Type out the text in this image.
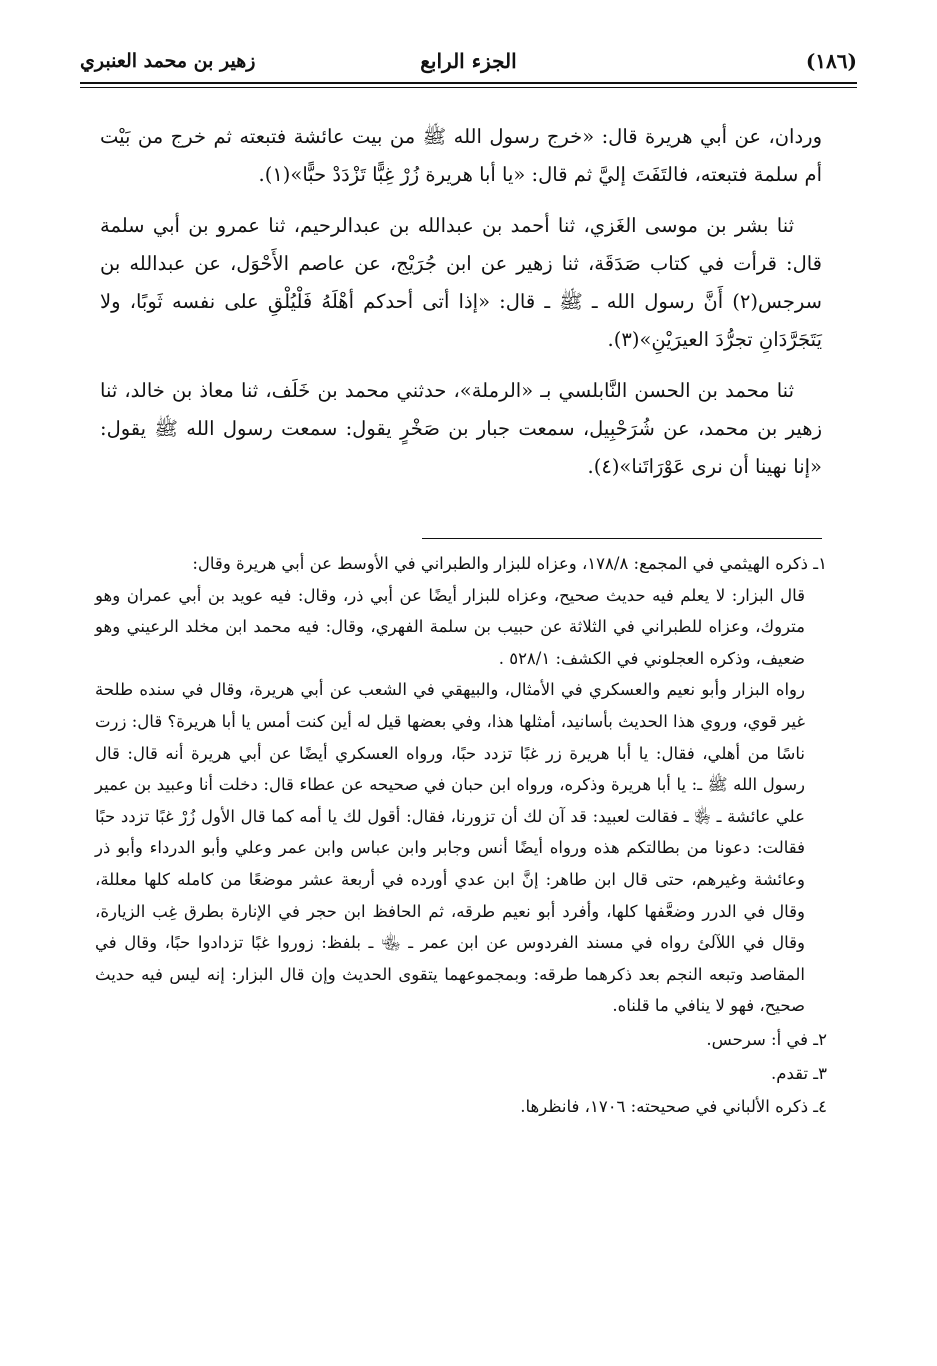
زهير بن محمد العنبري	الجزء الرابع	(١٨٦)

وردان، عن أبي هريرة قال: «خرج رسول الله ﷺ من بيت عائشة فتبعته ثم خرج من بَيْت أم سلمة فتبعته، فالتَفَتَ إليَّ ثم قال: «يا أبا هريرة زُرْ غِبًّا تَزْدَدْ حبًّا»(١).

ثنا بشر بن موسى الغَزي، ثنا أحمد بن عبدالله بن عبدالرحيم، ثنا عمرو بن أبي سلمة قال: قرأت في كتاب صَدَقَة، ثنا زهير عن ابن جُرَيْج، عن عاصم الأَحْوَل، عن عبدالله بن سرجس(٢) أَنَّ رسول الله ـ ﷺ ـ قال: «إذا أتى أحدكم أهْلَهُ فَلْيُلْقِ على نفسه ثَوبًا، ولا يَتَجَرَّدَانِ تجرُّدَ العيرَيْنِ»(٣).

ثنا محمد بن الحسن النَّابلسي بـ «الرملة»، حدثني محمد بن خَلَف، ثنا معاذ بن خالد، ثنا زهير بن محمد، عن شُرَحْبِيل، سمعت جبار بن صَخْرٍ يقول: سمعت رسول الله ﷺ يقول: «إنا نهينا أن نرى عَوْرَاتَنا»(٤).

١ـ ذكره الهيثمي في المجمع: ١٧٨/٨، وعزاه للبزار والطبراني في الأوسط عن أبي هريرة وقال:

قال البزار: لا يعلم فيه حديث صحيح، وعزاه للبزار أيضًا عن أبي ذر، وقال: فيه عويد بن أبي عمران وهو متروك، وعزاه للطبراني في الثلاثة عن حبيب بن سلمة الفهري، وقال: فيه محمد ابن مخلد الرعيني وهو ضعيف، وذكره العجلوني في الكشف: ٥٢٨/١ .

رواه البزار وأبو نعيم والعسكري في الأمثال، والبيهقي في الشعب عن أبي هريرة، وقال في سنده طلحة غير قوي، وروي هذا الحديث بأسانيد، أمثلها هذا، وفي بعضها قيل له أين كنت أمس يا أبا هريرة؟ قال: زرت ناسًا من أهلي، فقال: يا أبا هريرة زر غبًا تزدد حبًا، ورواه العسكري أيضًا عن أبي هريرة أنه قال: قال رسول الله ﷺ ـ: يا أبا هريرة وذكره، ورواه ابن حبان في صحيحه عن عطاء قال: دخلت أنا وعبيد بن عمير علي عائشة ـ ﵂ ـ فقالت لعبيد: قد آن لك أن تزورنا، فقال: أقول لك يا أمه كما قال الأول زُرْ غبًا تزدد حبًا فقالت: دعونا من بطالتكم هذه ورواه أيضًا أنس وجابر وابن عباس وابن عمر وعلي وأبو الدرداء وأبو ذر وعائشة وغيرهم، حتى قال ابن طاهر: إنَّ ابن عدي أورده في أربعة عشر موضعًا من كامله كلها معللة، وقال في الدرر وضعَّفها كلها، وأفرد أبو نعيم طرقه، ثم الحافظ ابن حجر في الإنارة بطرق غِب الزيارة، وقال في اللآلئ رواه في مسند الفردوس عن ابن عمر ـ ﵄ ـ بلفظ: زوروا غبًا تزدادوا حبًا، وقال في المقاصد وتبعه النجم بعد ذكرهما طرقه: وبمجموعهما يتقوى الحديث وإن قال البزار: إنه ليس فيه حديث صحيح، فهو لا ينافي ما قلناه.

٢ـ في أ: سرحس.

٣ـ تقدم.

٤ـ ذكره الألباني في صحيحته: ١٧٠٦، فانظرها.
